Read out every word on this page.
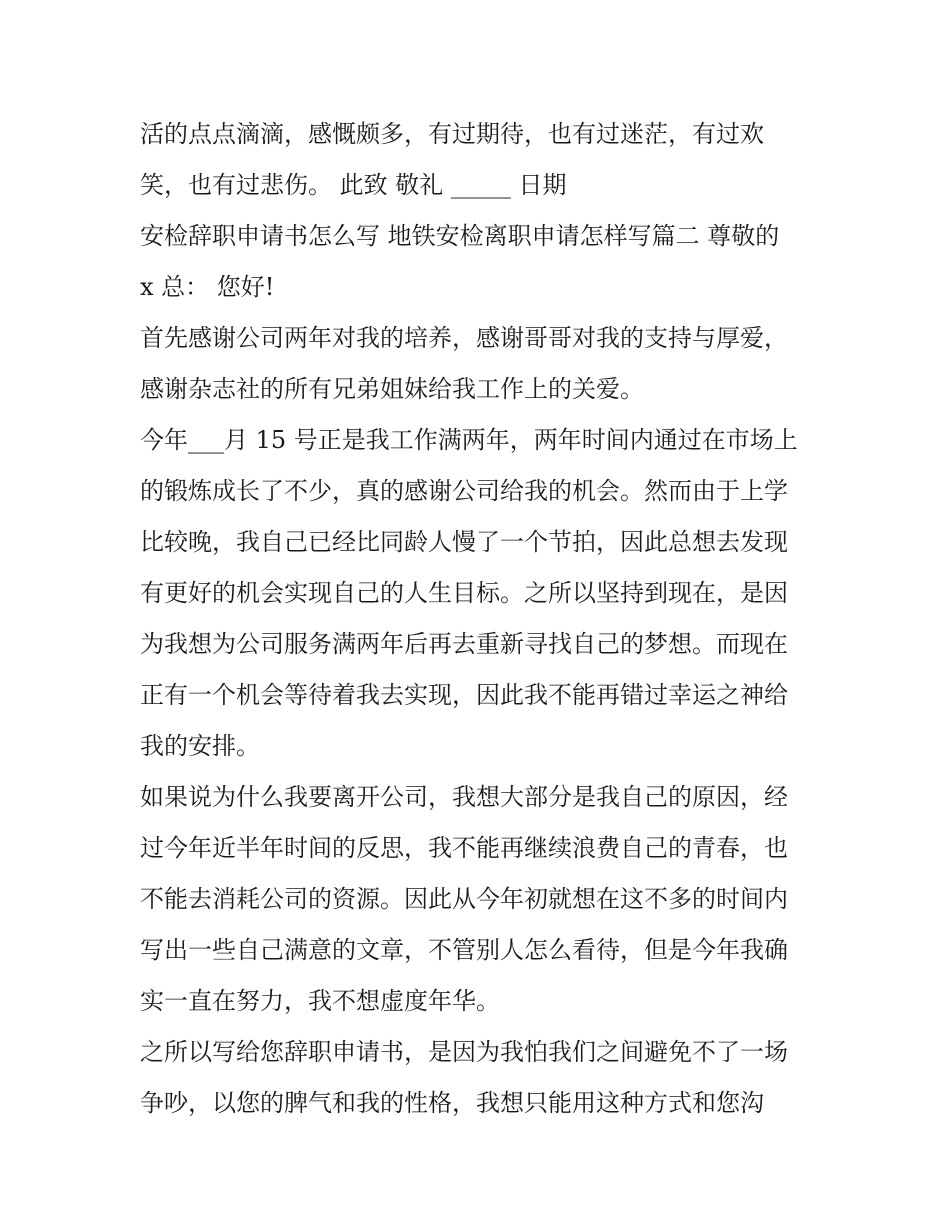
活的点点滴滴，感慨颇多，有过期待，也有过迷茫，有过欢
笑，也有过悲伤。 此致 敬礼 _____ 日期
安检辞职申请书怎么写 地铁安检离职申请怎样写篇二 尊敬的
x 总： 您好!
首先感谢公司两年对我的培养，感谢哥哥对我的支持与厚爱，
感谢杂志社的所有兄弟姐妹给我工作上的关爱。
今年___月 15 号正是我工作满两年，两年时间内通过在市场上
的锻炼成长了不少，真的感谢公司给我的机会。然而由于上学
比较晚，我自己已经比同龄人慢了一个节拍，因此总想去发现
有更好的机会实现自己的人生目标。之所以坚持到现在，是因
为我想为公司服务满两年后再去重新寻找自己的梦想。而现在
正有一个机会等待着我去实现，因此我不能再错过幸运之神给
我的安排。
如果说为什么我要离开公司，我想大部分是我自己的原因，经
过今年近半年时间的反思，我不能再继续浪费自己的青春，也
不能去消耗公司的资源。因此从今年初就想在这不多的时间内
写出一些自己满意的文章，不管别人怎么看待，但是今年我确
实一直在努力，我不想虚度年华。
之所以写给您辞职申请书，是因为我怕我们之间避免不了一场
争吵，以您的脾气和我的性格，我想只能用这种方式和您沟
